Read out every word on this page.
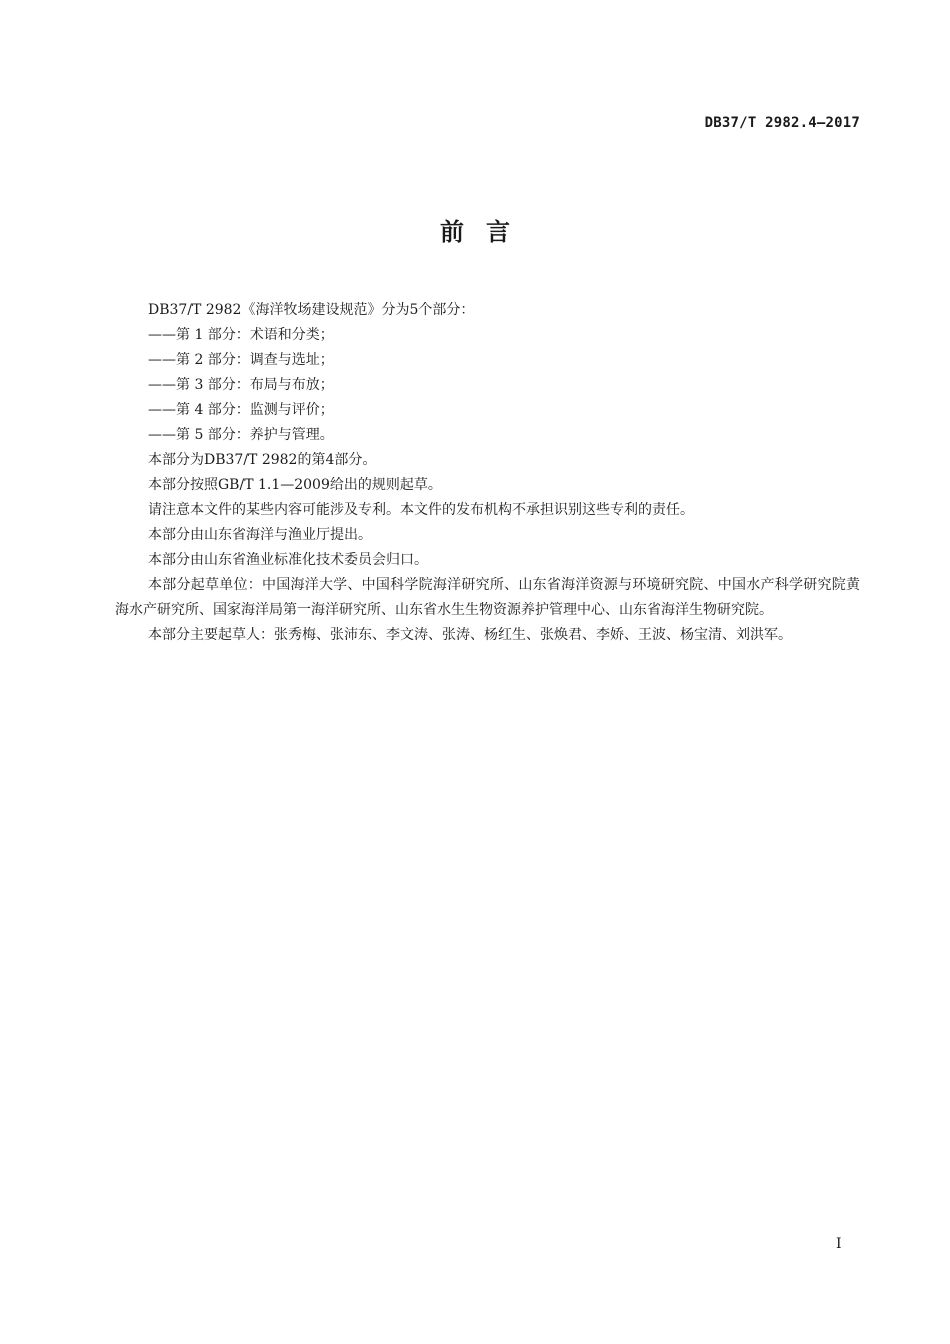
DB37/T 2982.4—2017
前言

DB37/T 2982《海洋牧场建设规范》分为5个部分：

——第 1 部分：术语和分类；

——第 2 部分：调查与选址；

——第 3 部分：布局与布放；

——第 4 部分：监测与评价；

——第 5 部分：养护与管理。

本部分为DB37/T 2982的第4部分。

本部分按照GB/T 1.1—2009给出的规则起草。

请注意本文件的某些内容可能涉及专利。本文件的发布机构不承担识别这些专利的责任。

本部分由山东省海洋与渔业厅提出。

本部分由山东省渔业标准化技术委员会归口。

本部分起草单位：中国海洋大学、中国科学院海洋研究所、山东省海洋资源与环境研究院、中国水产科学研究院黄海水产研究所、国家海洋局第一海洋研究所、山东省水生生物资源养护管理中心、山东省海洋生物研究院。

本部分主要起草人：张秀梅、张沛东、李文涛、张涛、杨红生、张焕君、李娇、王波、杨宝清、刘洪军。

I
